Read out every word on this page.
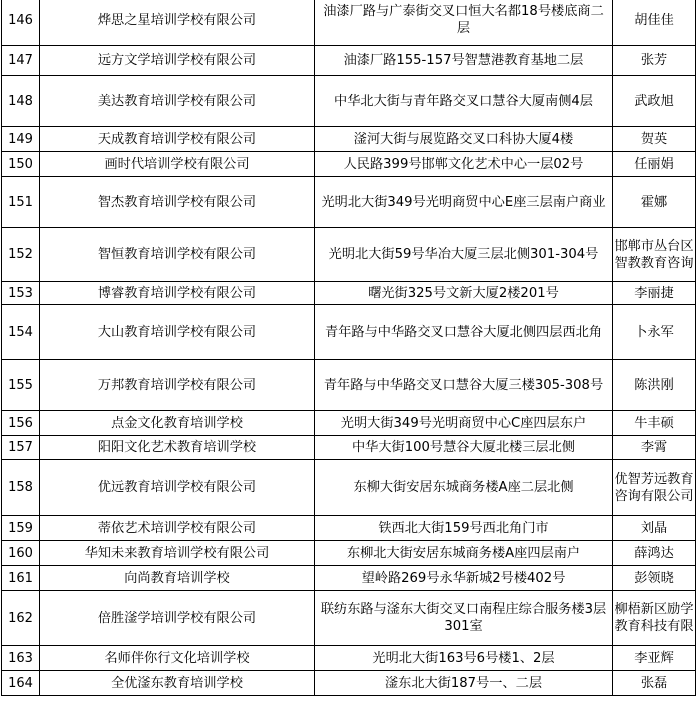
146	烨思之星培训学校有限公司	油漆厂路与广泰街交叉口恒大名都18号楼底商二层	胡佳佳
147	远方文学培训学校有限公司	油漆厂路155-157号智慧港教育基地二层	张芳
148	美达教育培训学校有限公司	中华北大街与青年路交叉口慧谷大厦南侧4层	武政旭
149	天成教育培训学校有限公司	滏河大街与展览路交叉口科协大厦4楼	贺英
150	画时代培训学校有限公司	人民路399号邯郸文化艺术中心一层02号	任丽娟
151	智杰教育培训学校有限公司	光明北大街349号光明商贸中心E座三层南户商业	霍娜
152	智恒教育培训学校有限公司	光明北大街59号华冶大厦三层北侧301-304号	邯郸市丛台区智教教育咨询
153	博睿教育培训学校有限公司	曙光街325号文新大厦2楼201号	李丽捷
154	大山教育培训学校有限公司	青年路与中华路交叉口慧谷大厦北侧四层西北角	卜永军
155	万邦教育培训学校有限公司	青年路与中华路交叉口慧谷大厦三楼305-308号	陈洪刚
156	点金文化教育培训学校	光明大街349号光明商贸中心C座四层东户	牛丰硕
157	阳阳文化艺术教育培训学校	中华大街100号慧谷大厦北楼三层北侧	李霄
158	优远教育培训学校有限公司	东柳大街安居东城商务楼A座二层北侧	优智芳远教育咨询有限公司
159	蒂依艺术培训学校有限公司	铁西北大街159号西北角门市	刘晶
160	华知未来教育培训学校有限公司	东柳北大街安居东城商务楼A座四层南户	薛鸿达
161	向尚教育培训学校	望岭路269号永华新城2号楼402号	彭领晓
162	倍胜滏学培训学校有限公司	联纺东路与滏东大街交叉口南程庄综合服务楼3层301室	柳梧新区励学教育科技有限
163	名师伴你行文化培训学校	光明北大街163号6号楼1、2层	李亚辉
164	全优滏东教育培训学校	滏东北大街187号一、二层	张磊
